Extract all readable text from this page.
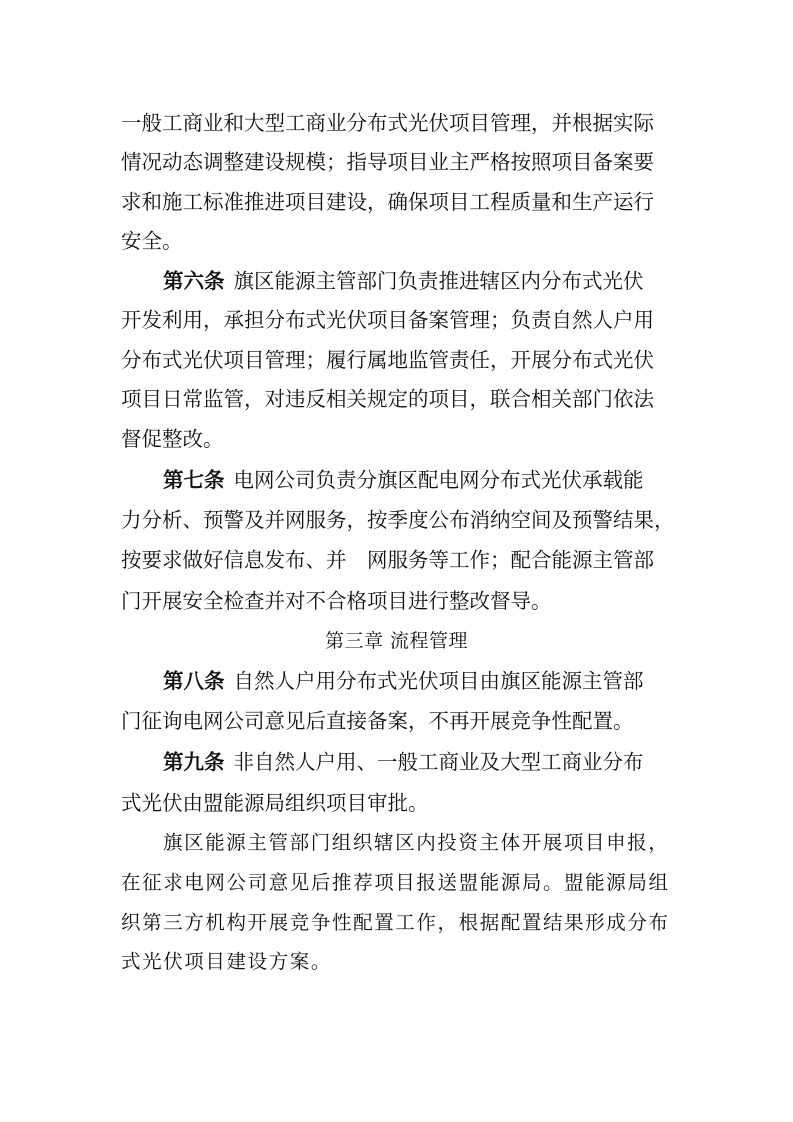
一般工商业和大型工商业分布式光伏项目管理，并根据实际
情况动态调整建设规模；指导项目业主严格按照项目备案要
求和施工标准推进项目建设，确保项目工程质量和生产运行
安全。
第六条 旗区能源主管部门负责推进辖区内分布式光伏
开发利用，承担分布式光伏项目备案管理；负责自然人户用
分布式光伏项目管理；履行属地监管责任，开展分布式光伏
项目日常监管，对违反相关规定的项目，联合相关部门依法
督促整改。
第七条 电网公司负责分旗区配电网分布式光伏承载能
力分析、预警及并网服务，按季度公布消纳空间及预警结果，
按要求做好信息发布、并　网服务等工作；配合能源主管部
门开展安全检查并对不合格项目进行整改督导。
第三章 流程管理
第八条 自然人户用分布式光伏项目由旗区能源主管部
门征询电网公司意见后直接备案，不再开展竞争性配置。
第九条 非自然人户用、一般工商业及大型工商业分布
式光伏由盟能源局组织项目审批。
旗区能源主管部门组织辖区内投资主体开展项目申报，
在征求电网公司意见后推荐项目报送盟能源局。盟能源局组
织第三方机构开展竞争性配置工作，根据配置结果形成分布
式光伏项目建设方案。
